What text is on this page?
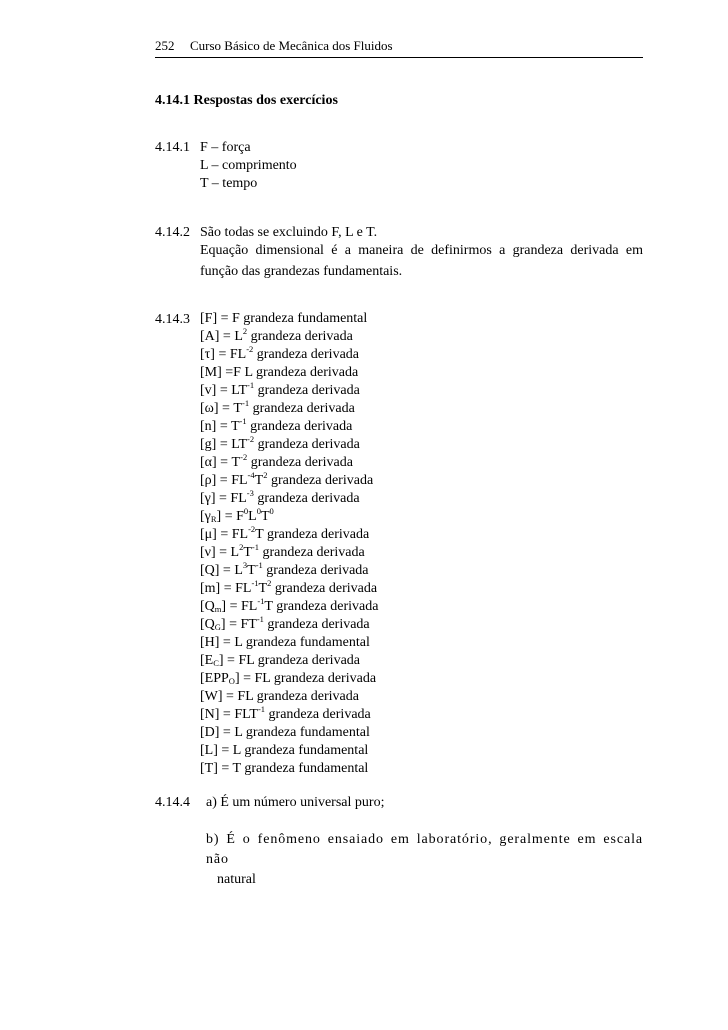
252 Curso Básico de Mecânica dos Fluidos
4.14.1 Respostas dos exercícios
4.14.1 F – força
L – comprimento
T – tempo
4.14.2 São todas se excluindo F, L e T.
Equação dimensional é a maneira de definirmos a grandeza derivada em função das grandezas fundamentais.
4.14.3 [F] = F grandeza fundamental
$[A] = L^2$ grandeza derivada
$[\tau] = FL^{-2}$ grandeza derivada
[M] =F L grandeza derivada
$[v] = LT^{-1}$ grandeza derivada
$[\omega] = T^{-1}$ grandeza derivada
$[n] = T^{-1}$ grandeza derivada
$[g] = LT^{-2}$ grandeza derivada
$[\alpha] = T^{-2}$ grandeza derivada
$[\rho] = FL^{-4}T^2$ grandeza derivada
$[\gamma] = FL^{-3}$ grandeza derivada
$[\gamma_R] = F^0L^0T^0$
$[\mu] = FL^{-2}T$ grandeza derivada
$[\nu] = L^2T^{-1}$ grandeza derivada
$[Q] = L^3T^{-1}$ grandeza derivada
$[m] = FL^{-1}T^2$ grandeza derivada
$[Q_m] = FL^{-1}T$ grandeza derivada
$[Q_G] = FT^{-1}$ grandeza derivada
[H] = L grandeza fundamental
$[E_C]$ = FL grandeza derivada
$[EPP_O]$ = FL grandeza derivada
[W] = FL grandeza derivada
$[N] = FLT^{-1}$ grandeza derivada
[D] = L grandeza fundamental
[L] = L grandeza fundamental
[T] = T grandeza fundamental
4.14.4 a) É um número universal puro;
b) É o fenômeno ensaiado em laboratório, geralmente em escala não
natural
